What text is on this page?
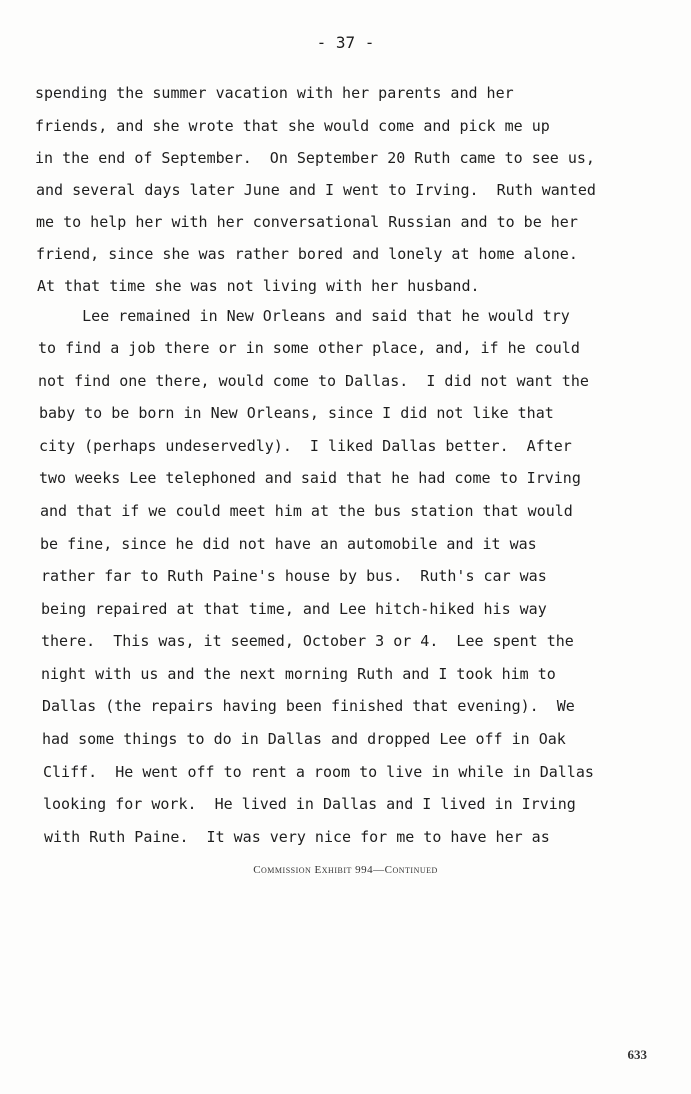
- 37 -
spending the summer vacation with her parents and her
friends, and she wrote that she would come and pick me up
in the end of September.  On September 20 Ruth came to see us,
and several days later June and I went to Irving.  Ruth wanted
me to help her with her conversational Russian and to be her
friend, since she was rather bored and lonely at home alone.
At that time she was not living with her husband.
Lee remained in New Orleans and said that he would try
to find a job there or in some other place, and, if he could
not find one there, would come to Dallas.  I did not want the
baby to be born in New Orleans, since I did not like that
city (perhaps undeservedly).  I liked Dallas better.  After
two weeks Lee telephoned and said that he had come to Irving
and that if we could meet him at the bus station that would
be fine, since he did not have an automobile and it was
rather far to Ruth Paine's house by bus.  Ruth's car was
being repaired at that time, and Lee hitch-hiked his way
there.  This was, it seemed, October 3 or 4.  Lee spent the
night with us and the next morning Ruth and I took him to
Dallas (the repairs having been finished that evening).  We
had some things to do in Dallas and dropped Lee off in Oak
Cliff.  He went off to rent a room to live in while in Dallas
looking for work.  He lived in Dallas and I lived in Irving
with Ruth Paine.  It was very nice for me to have her as
Commission Exhibit 994—Continued
633
